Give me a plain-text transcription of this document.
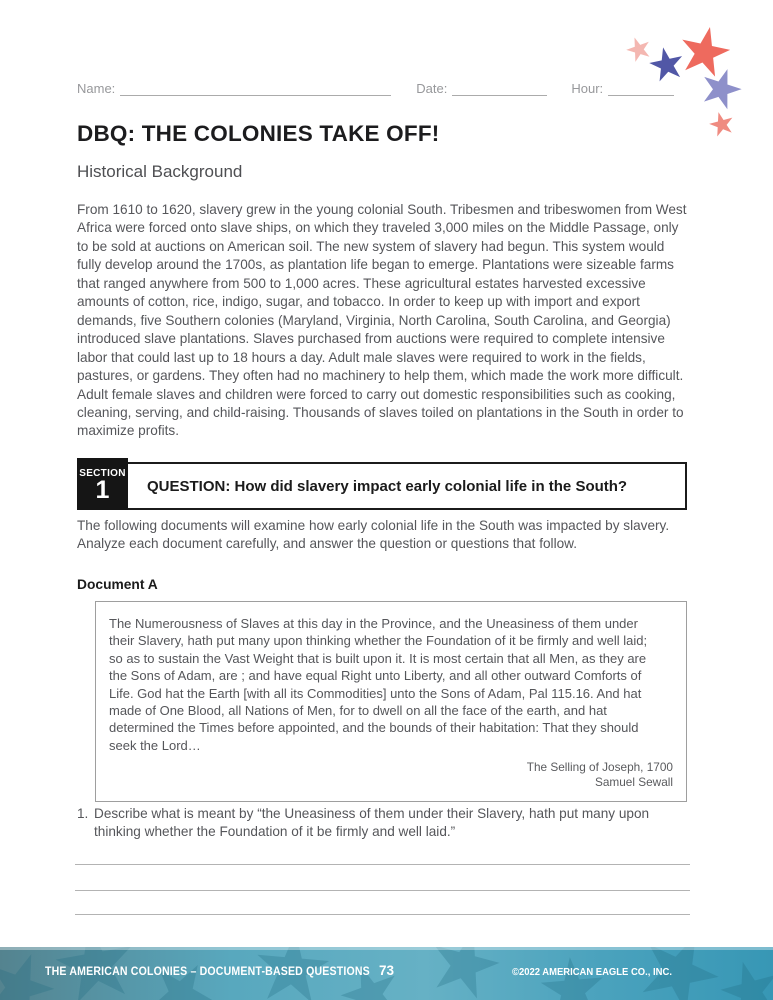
Name:	Date:	Hour:
DBQ: THE COLONIES TAKE OFF!
Historical Background
From 1610 to 1620, slavery grew in the young colonial South. Tribesmen and tribeswomen from West Africa were forced onto slave ships, on which they traveled 3,000 miles on the Middle Passage, only to be sold at auctions on American soil. The new system of slavery had begun. This system would fully develop around the 1700s, as plantation life began to emerge. Plantations were sizeable farms that ranged anywhere from 500 to 1,000 acres. These agricultural estates harvested excessive amounts of cotton, rice, indigo, sugar, and tobacco. In order to keep up with import and export demands, five Southern colonies (Maryland, Virginia, North Carolina, South Carolina, and Georgia) introduced slave plantations. Slaves purchased from auctions were required to complete intensive labor that could last up to 18 hours a day. Adult male slaves were required to work in the fields, pastures, or gardens. They often had no machinery to help them, which made the work more difficult. Adult female slaves and children were forced to carry out domestic responsibilities such as cooking, cleaning, serving, and child-raising. Thousands of slaves toiled on plantations in the South in order to maximize profits.
QUESTION: How did slavery impact early colonial life in the South?
SECTION
1
The following documents will examine how early colonial life in the South was impacted by slavery. Analyze each document carefully, and answer the question or questions that follow.
Document A
The Numerousness of Slaves at this day in the Province, and the Uneasiness of them under their Slavery, hath put many upon thinking whether the Foundation of it be firmly and well laid; so as to sustain the Vast Weight that is built upon it. It is most certain that all Men, as they are the Sons of Adam, are ; and have equal Right unto Liberty, and all other outward Comforts of Life. God hat the Earth [with all its Commodities] unto the Sons of Adam, Pal 115.16. And hat made of One Blood, all Nations of Men, for to dwell on all the face of the earth, and hat determined the Times before appointed, and the bounds of their habitation: That they should seek the Lord…
The Selling of Joseph, 1700
Samuel Sewall
1. Describe what is meant by “the Uneasiness of them under their Slavery, hath put many upon thinking whether the Foundation of it be firmly and well laid.”
THE AMERICAN COLONIES – DOCUMENT-BASED QUESTIONS 73	©2022 AMERICAN EAGLE CO., INC.
